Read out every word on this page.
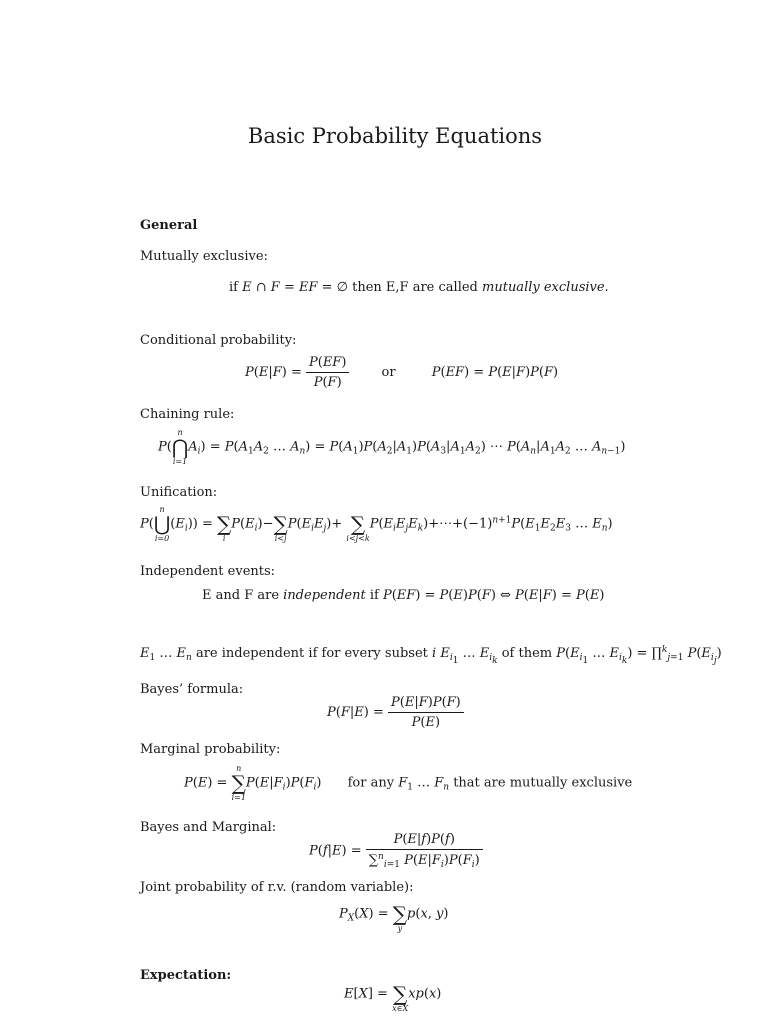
Basic Probability Equations
General
Mutually exclusive:
if E ∩ F = EF = ∅ then E,F are called mutually exclusive.
Conditional probability:
$P(E|F) = \frac{P(EF)}{P(F)}$ or	P(EF) = P(E|F)P(F)
Chaining rule:
P(
n
⋂
i=1
$A_i) = P(A_1A_2$ … $A_n) = P(A_1)P(A_2|A_1)P(A_3|A_1A_2)$ ⋯ $P(A_n|A_1A_2$ … $A_{n-1}$)
Unification:
P(
n
⋃
i=0
$(E_i)$) =
∑
i
$P(E_i)-$
∑
i<j
$P(E_iE_j)+$
∑
i<j<k
$P(E_iE_jE_k)+\cdots+(-1)^{n+1}P(E_1E_2E_3$ … $E_n$)
Independent events:
E and F are independent if P(EF) = P(E)P(F) ⇔ P(E|F) = P(E)
$E_1$ … $E_n$ are independent if for every subset i $E_{i_1}$ … $E_{i_k}$ of them $P(E_{i_1}$ … $E_{i_k}$) = ∏$^k_{j=1}$ $P(E_{i_j})$
Bayes’ formula:
$P(F|E) = \frac{P(E|F)P(F)}{P(E)}$
Marginal probability:
P(E) =
n
∑
i=1
$P(E|F_i)P(F_i)$ for any $F_1$ … $F_n$ that are mutually exclusive
Bayes and Marginal:
$P(f|E) = \frac{P(E|f)P(f)}{\sum^n_{i=1} P(E|F_i)P(F_i)}$
Joint probability of r.v. (random variable):
$P_X(X)$ =
∑
y
p(x, y)
Expectation:
E[X] =
∑
x∈X
xp(x)
